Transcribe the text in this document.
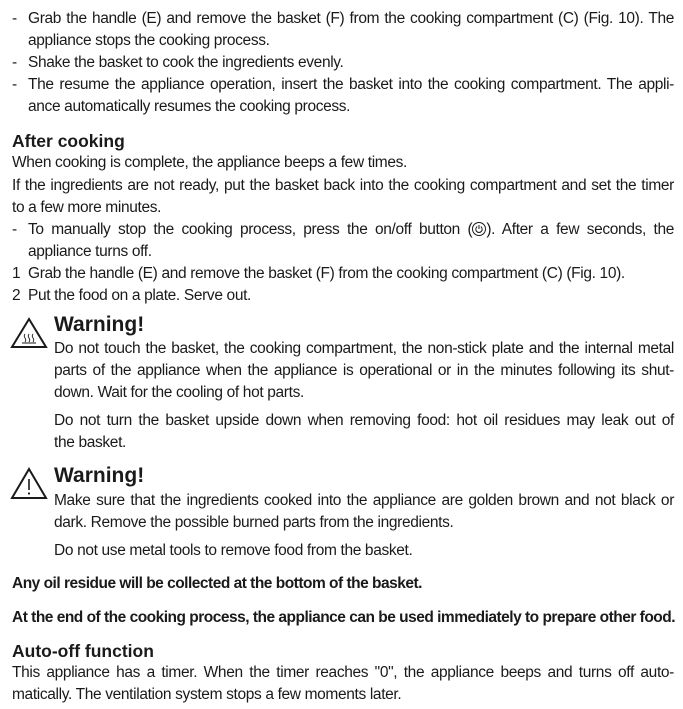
- Grab the handle (E) and remove the basket (F) from the cooking compartment (C) (Fig. 10). The
appliance stops the cooking process.
- Shake the basket to cook the ingredients evenly.
- The resume the appliance operation, insert the basket into the cooking compartment. The appli-
ance automatically resumes the cooking process.
After cooking
When cooking is complete, the appliance beeps a few times.
If the ingredients are not ready, put the basket back into the cooking compartment and set the timer
to a few more minutes.
- To manually stop the cooking process, press the on/off button ( ). After a few seconds, the
appliance turns off.
1 Grab the handle (E) and remove the basket (F) from the cooking compartment (C) (Fig. 10).
2 Put the food on a plate. Serve out.
Warning!
Do not touch the basket, the cooking compartment, the non-stick plate and the internal metal
parts of the appliance when the appliance is operational or in the minutes following its shut-
down. Wait for the cooling of hot parts.
Do not turn the basket upside down when removing food: hot oil residues may leak out of
the basket.
Warning!
Make sure that the ingredients cooked into the appliance are golden brown and not black or
dark. Remove the possible burned parts from the ingredients.
Do not use metal tools to remove food from the basket.
Any oil residue will be collected at the bottom of the basket.
At the end of the cooking process, the appliance can be used immediately to prepare other food.
Auto-off function
This appliance has a timer. When the timer reaches "0", the appliance beeps and turns off auto-
matically. The ventilation system stops a few moments later.
